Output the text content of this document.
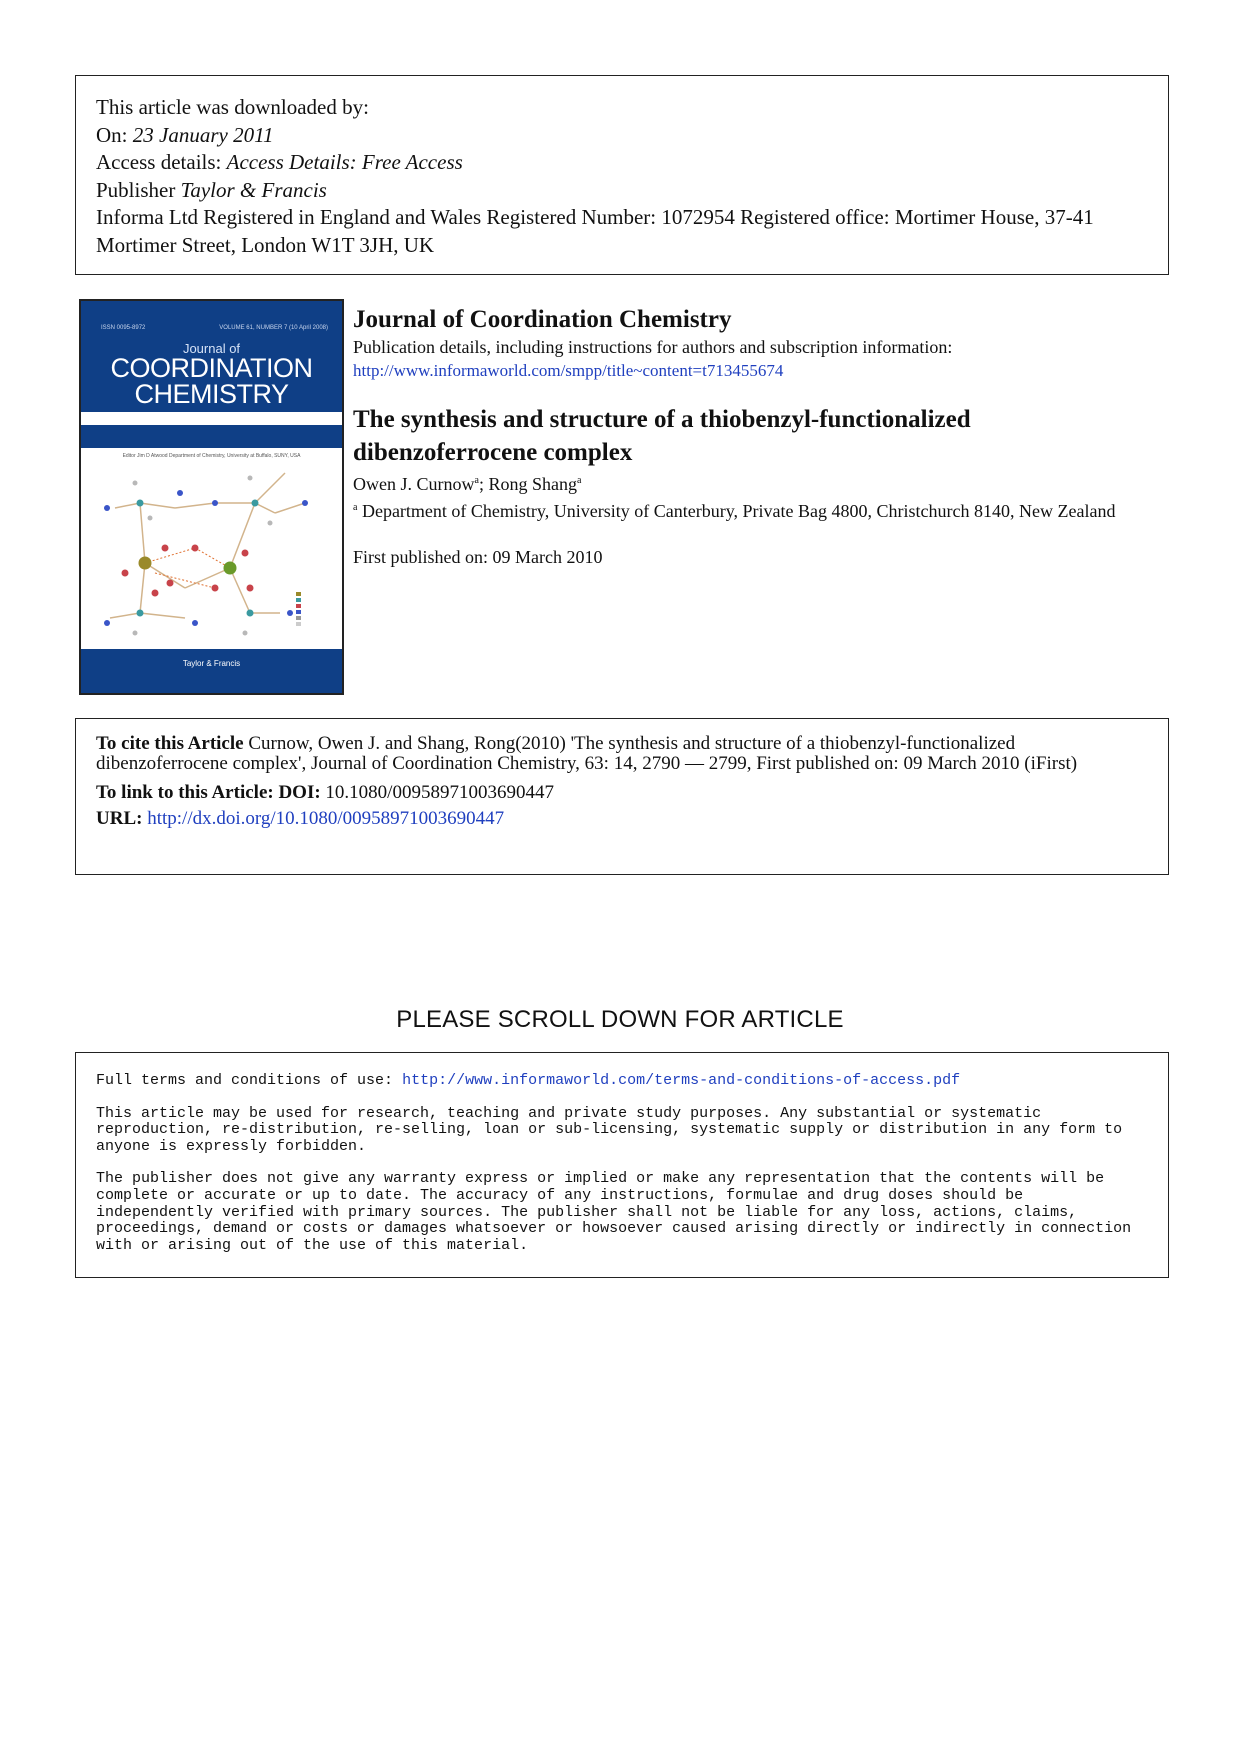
This article was downloaded by:
On: 23 January 2011
Access details: Access Details: Free Access
Publisher Taylor & Francis
Informa Ltd Registered in England and Wales Registered Number: 1072954 Registered office: Mortimer House, 37-41 Mortimer Street, London W1T 3JH, UK
ISSN 0095-8972	VOLUME 61, NUMBER 7 (10 April 2008)
Journal of
COORDINATION
CHEMISTRY
Editor Jim D Atwood Department of Chemistry, University at Buffalo, SUNY, USA
Taylor & Francis

Journal of Coordination Chemistry

Publication details, including instructions for authors and subscription information:

http://www.informaworld.com/smpp/title~content=t713455674

The synthesis and structure of a thiobenzyl-functionalized dibenzoferrocene complex

Owen J. Curnow$^a$; Rong Shang$^a$

$^a$ Department of Chemistry, University of Canterbury, Private Bag 4800, Christchurch 8140, New Zealand

First published on: 09 March 2010

To cite this Article Curnow, Owen J. and Shang, Rong(2010) 'The synthesis and structure of a thiobenzyl-functionalized dibenzoferrocene complex', Journal of Coordination Chemistry, 63: 14, 2790 — 2799, First published on: 09 March 2010 (iFirst)

To link to this Article: DOI: 10.1080/00958971003690447

URL: http://dx.doi.org/10.1080/00958971003690447

PLEASE SCROLL DOWN FOR ARTICLE

Full terms and conditions of use: http://www.informaworld.com/terms-and-conditions-of-access.pdf

This article may be used for research, teaching and private study purposes. Any substantial or systematic reproduction, re-distribution, re-selling, loan or sub-licensing, systematic supply or distribution in any form to anyone is expressly forbidden.

The publisher does not give any warranty express or implied or make any representation that the contents will be complete or accurate or up to date. The accuracy of any instructions, formulae and drug doses should be independently verified with primary sources. The publisher shall not be liable for any loss, actions, claims, proceedings, demand or costs or damages whatsoever or howsoever caused arising directly or indirectly in connection with or arising out of the use of this material.
